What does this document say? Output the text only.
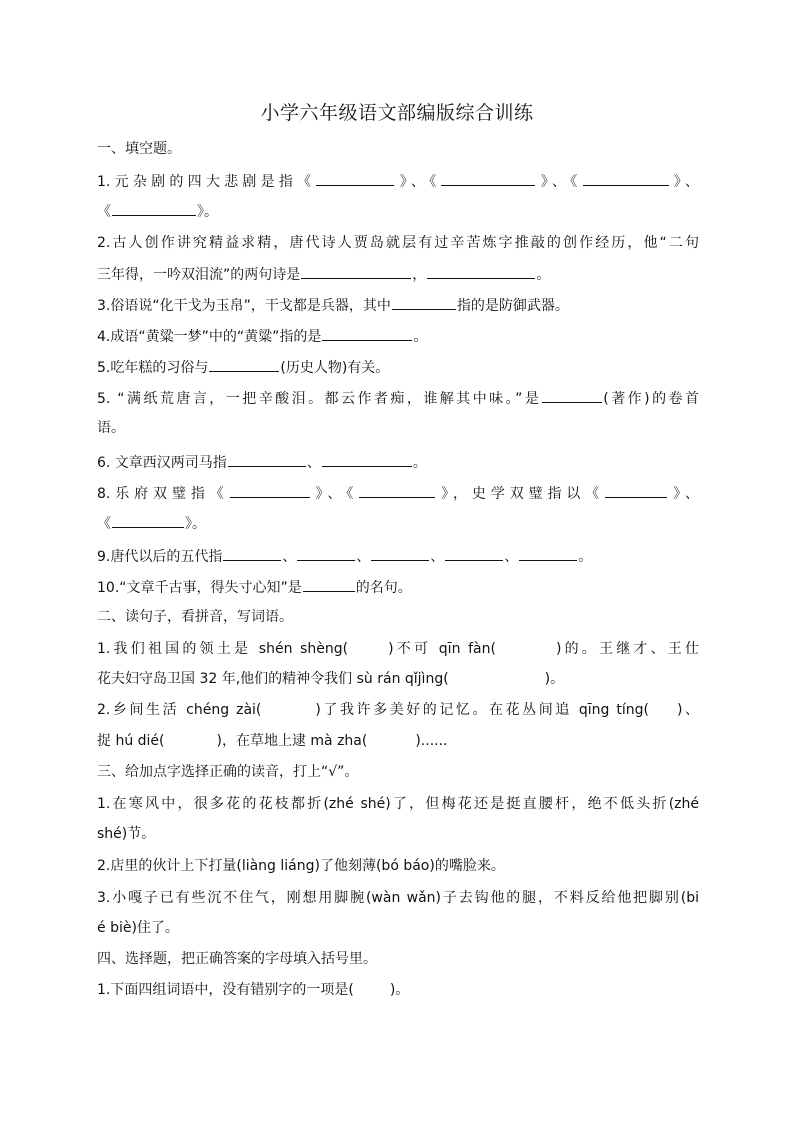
小学六年级语文部编版综合训练
一、填空题。
1.元杂剧的四大悲剧是指《	》、《	》、《	》、
《	》。
2.古人创作讲究精益求精，唐代诗人贾岛就层有过辛苦炼字推敲的创作经历，他“二句
三年得，一吟双泪流”的两句诗是	，	。
3.俗语说“化干戈为玉帛”，干戈都是兵器，其中	指的是防御武器。
4.成语“黄粱一梦”中的“黄粱”指的是	。
5.吃年糕的习俗与	(历史人物)有关。
5. “满纸荒唐言，一把辛酸泪。都云作者痴，谁解其中味。”是	(著作)的卷首
语。
6. 文章西汉两司马指	、	。
8.乐府双璧指《	》、《	》，史学双璧指以《	》、
《	》。
9.唐代以后的五代指	、	、	、	、	。
10.“文章千古事，得失寸心知”是	的名句。
二、读句子，看拼音，写词语。
1.我们祖国的领土是 shén shèng(	)不可 qīn fàn(	)的。王继才、王仕
花夫妇守岛卫国 32 年,他们的精神令我们 sù rán qǐjìng(	)。
2.乡间生活 chéng zài(	)了我许多美好的记忆。在花丛间追 qīng tíng( )、
捉 hú dié(	)，在草地上逮 mà zha(	)......
三、给加点字选择正确的读音，打上“√”。
1.在寒风中，很多花的花枝都折(zhé shé)了，但梅花还是挺直腰杆，绝不低头折(zhé
shé)节。
2.店里的伙计上下打量(liàng liáng)了他刻薄(bó báo)的嘴脸来。
3.小嘎子已有些沉不住气，刚想用脚腕(wàn wǎn)子去钩他的腿，不料反给他把脚别(bi
é biè)住了。
四、选择题，把正确答案的字母填入括号里。
1.下面四组词语中，没有错别字的一项是(	)。
